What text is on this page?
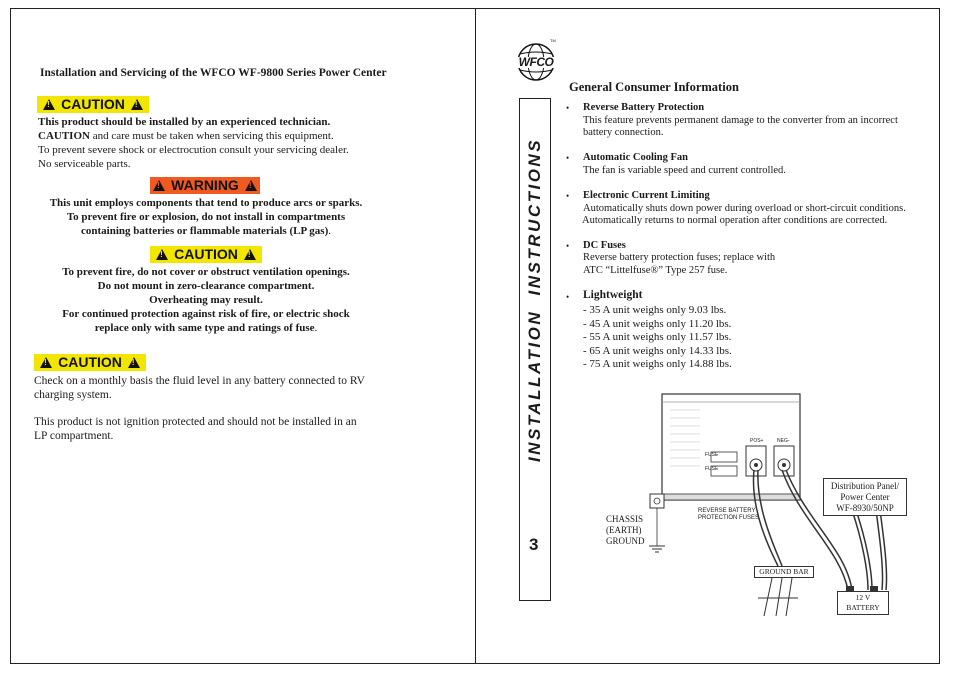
Installation and Servicing of the WFCO WF-9800 Series Power Center
!
CAUTION
!
This product should be installed by an experienced technician.
CAUTION and care must be taken when servicing this equipment.
To prevent severe shock or electrocution consult your servicing dealer.
No serviceable parts.
!
WARNING
!
This unit employs components that tend to produce arcs or sparks.
To prevent fire or explosion, do not install in compartments
containing batteries or flammable materials (LP gas).
!
CAUTION
!
To prevent fire, do not cover or obstruct ventilation openings.
Do not mount in zero-clearance compartment.
Overheating may result.
For continued protection against risk of fire, or electric shock
replace only with same type and ratings of fuse.
!
CAUTION
!
Check on a monthly basis the fluid level in any battery connected to RV
charging system.
This product is not ignition protected and should not be installed in an
LP compartment.
WFCO
TM
INSTALLATION  INSTRUCTIONS
3
General Consumer Information
• Reverse Battery Protection
This feature prevents permanent damage to the converter from an incorrect
battery connection.
• Automatic Cooling Fan
The fan is variable speed and current controlled.
• Electronic Current Limiting
Automatically shuts down power during overload or short-circuit conditions.
Automatically returns to normal operation after conditions are corrected.
• DC Fuses
Reverse battery protection fuses; replace with
ATC “Littelfuse®” Type 257 fuse.
• Lightweight
- 35 A unit weighs only 9.03 lbs.
- 45 A unit weighs only 11.20 lbs.
- 55 A unit weighs only 11.57 lbs.
- 65 A unit weighs only 14.33 lbs.
- 75 A unit weighs only 14.88 lbs.
FUSE
FUSE
POS+	NEG-
REVERSE BATTERY
PROTECTION FUSES
CHASSIS
(EARTH)
GROUND
Distribution Panel/
Power Center
WF-8930/50NP
GROUND BAR
12 V
BATTERY
